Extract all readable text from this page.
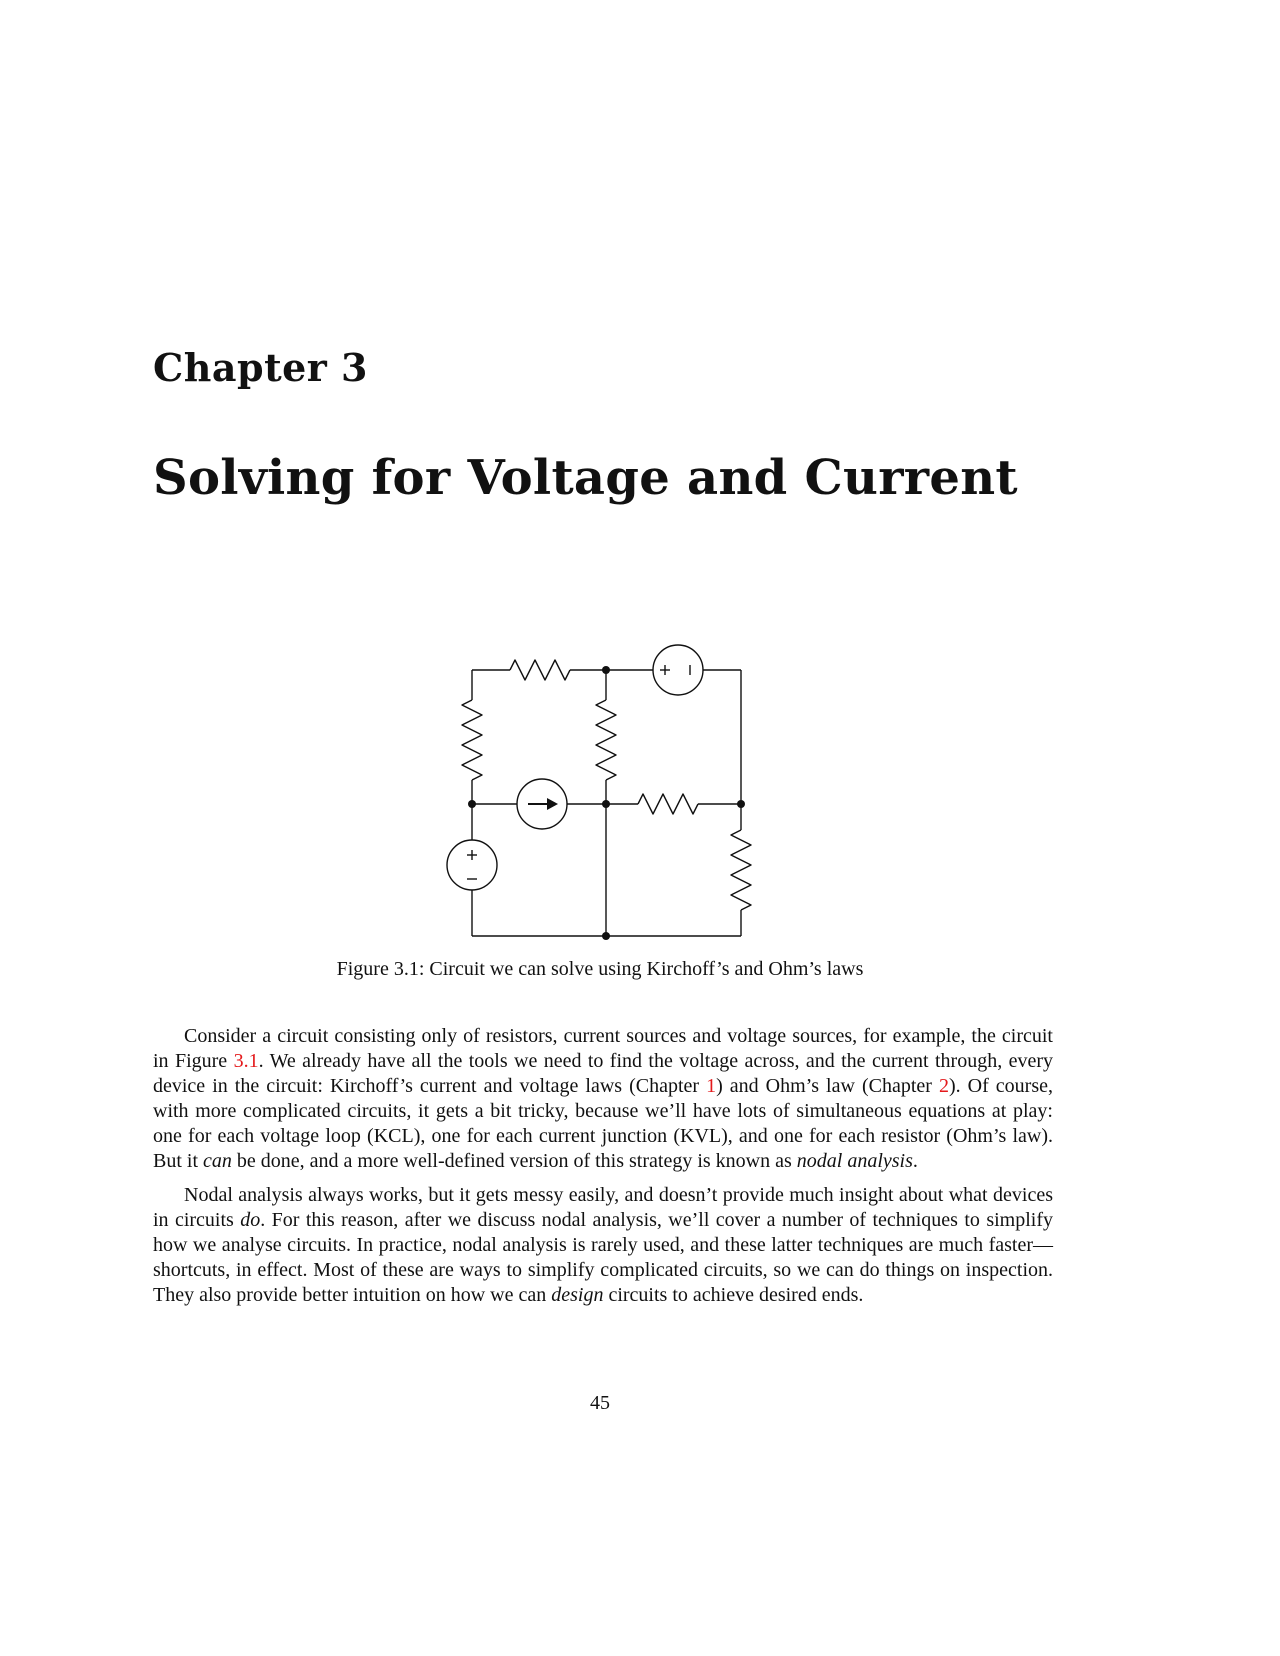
Chapter 3
Solving for Voltage and Current
Figure 3.1: Circuit we can solve using Kirchoff’s and Ohm’s laws

Consider a circuit consisting only of resistors, current sources and voltage sources, for example, the circuit in Figure 3.1. We already have all the tools we need to find the voltage across, and the current through, every device in the circuit: Kirchoff’s current and voltage laws (Chapter 1) and Ohm’s law (Chapter 2). Of course, with more complicated circuits, it gets a bit tricky, because we’ll have lots of simultaneous equations at play: one for each voltage loop (KCL), one for each current junction (KVL), and one for each resistor (Ohm’s law). But it can be done, and a more well-defined version of this strategy is known as nodal analysis.

Nodal analysis always works, but it gets messy easily, and doesn’t provide much insight about what devices in circuits do. For this reason, after we discuss nodal analysis, we’ll cover a number of techniques to simplify how we analyse circuits. In practice, nodal analysis is rarely used, and these latter techniques are much faster—shortcuts, in effect. Most of these are ways to simplify complicated circuits, so we can do things on inspection. They also provide better intuition on how we can design circuits to achieve desired ends.

45
